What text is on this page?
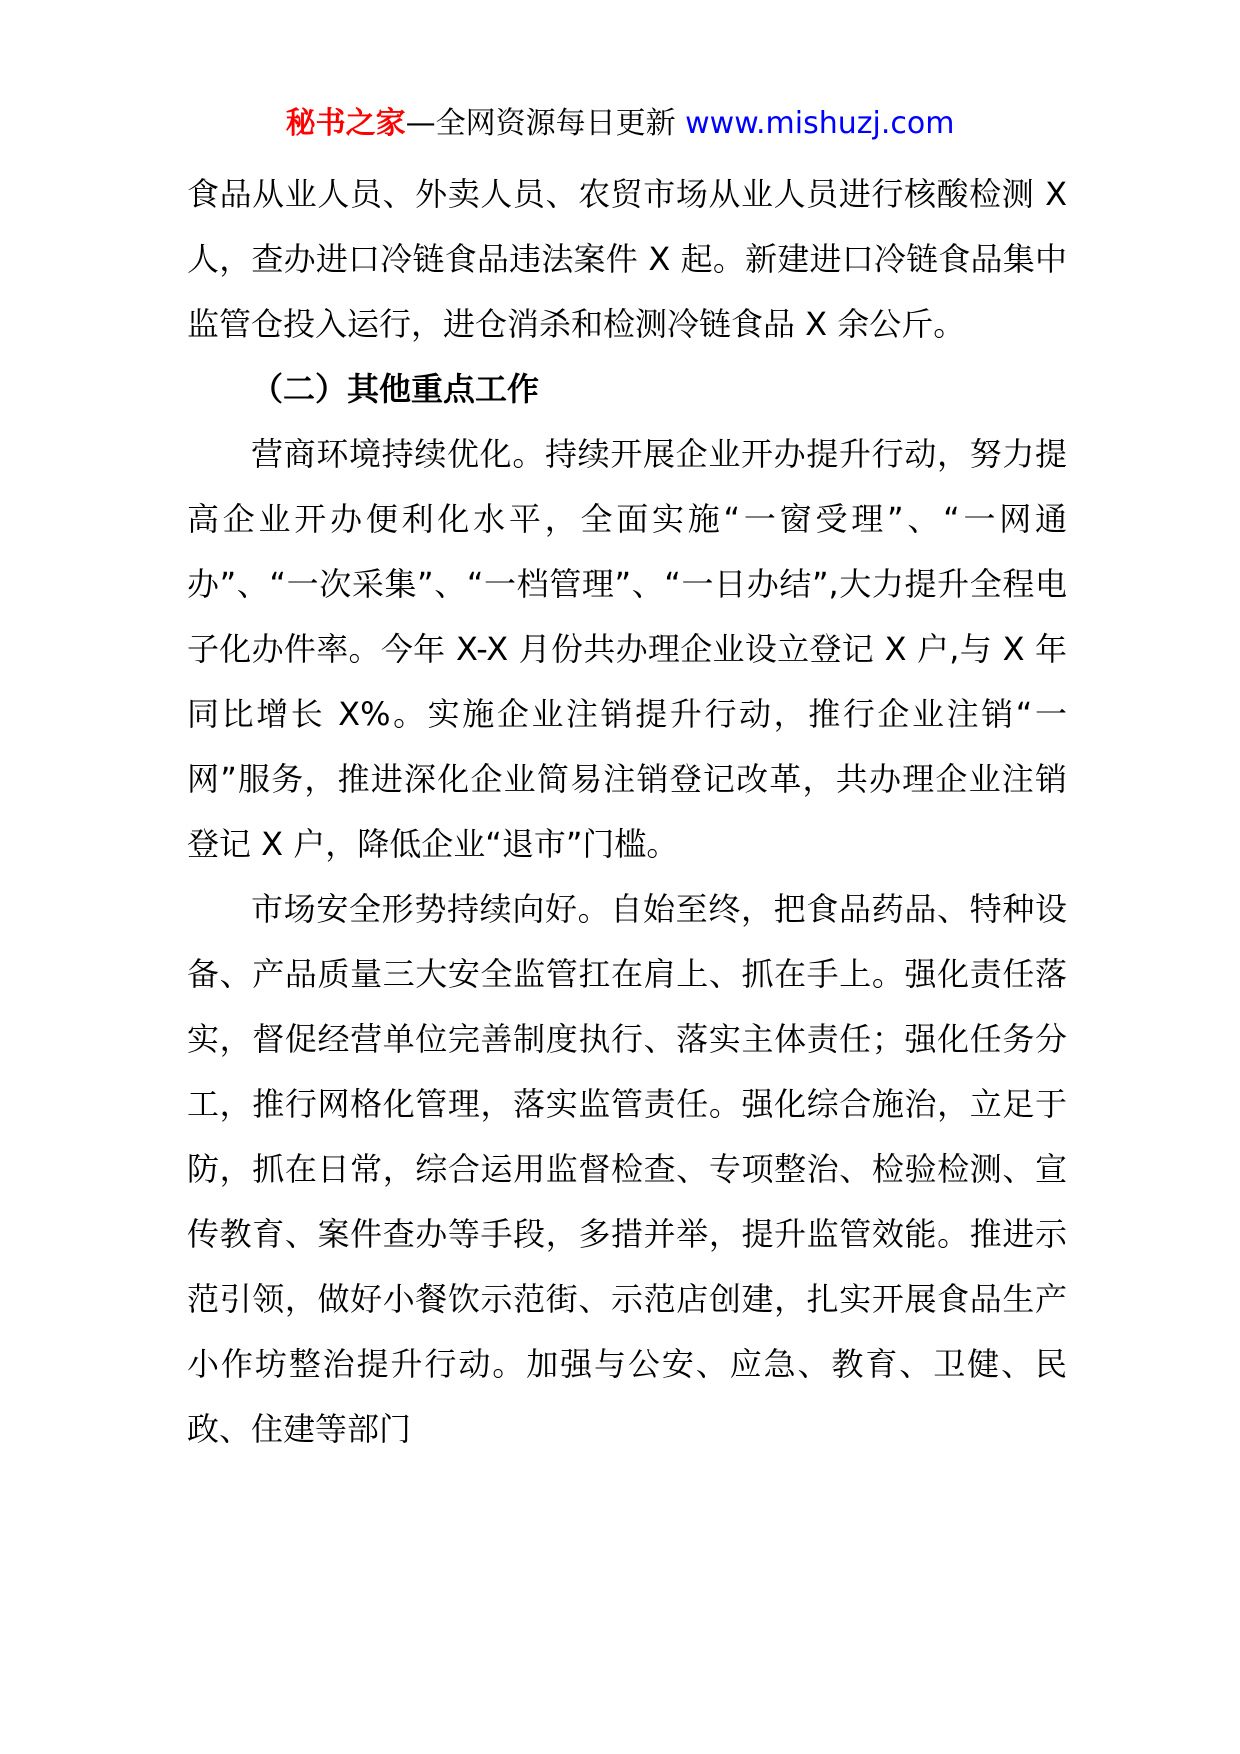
秘书之家—全网资源每日更新 www.mishuzj.com

食品从业人员、外卖人员、农贸市场从业人员进行核酸检测 X 人，查办进口冷链食品违法案件 X 起。新建进口冷链食品集中监管仓投入运行，进仓消杀和检测冷链食品 X 余公斤。

（二）其他重点工作

营商环境持续优化。持续开展企业开办提升行动，努力提高企业开办便利化水平，全面实施“一窗受理”、“一网通办”、“一次采集”、“一档管理”、“一日办结”,大力提升全程电子化办件率。今年 X-X 月份共办理企业设立登记 X 户,与 X 年同比增长 X%。实施企业注销提升行动，推行企业注销“一网”服务，推进深化企业简易注销登记改革，共办理企业注销登记 X 户，降低企业“退市”门槛。

市场安全形势持续向好。自始至终，把食品药品、特种设备、产品质量三大安全监管扛在肩上、抓在手上。强化责任落实，督促经营单位完善制度执行、落实主体责任；强化任务分工，推行网格化管理，落实监管责任。强化综合施治，立足于防，抓在日常，综合运用监督检查、专项整治、检验检测、宣传教育、案件查办等手段，多措并举，提升监管效能。推进示范引领，做好小餐饮示范街、示范店创建，扎实开展食品生产小作坊整治提升行动。加强与公安、应急、教育、卫健、民政、住建等部门
